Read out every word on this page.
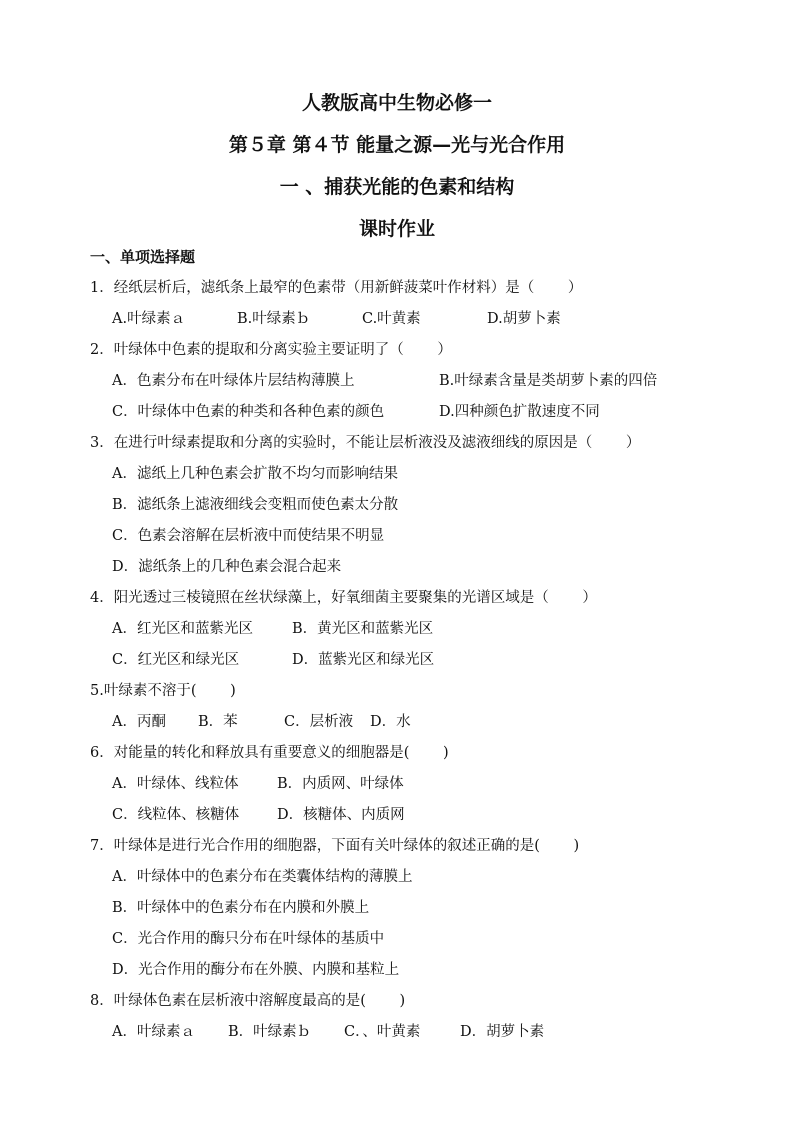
人教版高中生物必修一
第５章 第４节 能量之源—光与光合作用
一 、捕获光能的色素和结构
课时作业
一、单项选择题
1．经纸层析后，滤纸条上最窄的色素带（用新鲜菠菜叶作材料）是（　　 ）
A.叶绿素ａ	B.叶绿素ｂ	C.叶黄素	D.胡萝卜素
2．叶绿体中色素的提取和分离实验主要证明了（　　 ）
A．色素分布在叶绿体片层结构薄膜上	B.叶绿素含量是类胡萝卜素的四倍
C．叶绿体中色素的种类和各种色素的颜色	D.四种颜色扩散速度不同
3．在进行叶绿素提取和分离的实验时，不能让层析液没及滤液细线的原因是（　　 ）
A．滤纸上几种色素会扩散不均匀而影响结果
B．滤纸条上滤液细线会变粗而使色素太分散
C．色素会溶解在层析液中而使结果不明显
D．滤纸条上的几种色素会混合起来
4．阳光透过三棱镜照在丝状绿藻上，好氧细菌主要聚集的光谱区域是（　　 ）
A．红光区和蓝紫光区	B．黄光区和蓝紫光区
C．红光区和绿光区	D．蓝紫光区和绿光区
5.叶绿素不溶于(　　 )
A．丙酮	B．苯	C．层析液	D．水
6．对能量的转化和释放具有重要意义的细胞器是(　　 )
A．叶绿体、线粒体	B．内质网、叶绿体
C．线粒体、核糖体	D．核糖体、内质网
7．叶绿体是进行光合作用的细胞器，下面有关叶绿体的叙述正确的是(　　 )
A．叶绿体中的色素分布在类囊体结构的薄膜上
B．叶绿体中的色素分布在内膜和外膜上
C．光合作用的酶只分布在叶绿体的基质中
D．光合作用的酶分布在外膜、内膜和基粒上
8．叶绿体色素在层析液中溶解度最高的是(　　 )
A．叶绿素ａ	B．叶绿素ｂ	C．、叶黄素	D．胡萝卜素
